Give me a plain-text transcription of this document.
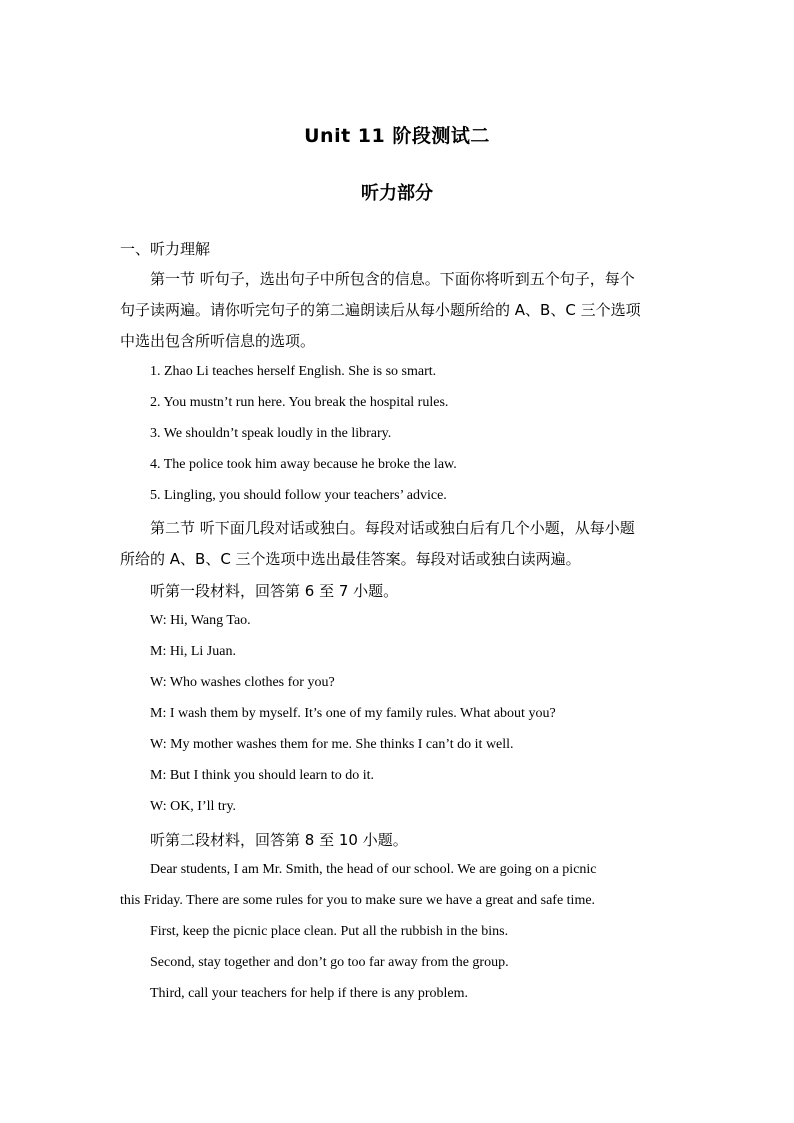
Unit 11 阶段测试二
听力部分
一、听力理解
第一节 听句子，选出句子中所包含的信息。下面你将听到五个句子，每个
句子读两遍。请你听完句子的第二遍朗读后从每小题所给的 A、B、C 三个选项
中选出包含所听信息的选项。
1. Zhao Li teaches herself English. She is so smart.
2. You mustn’t run here. You break the hospital rules.
3. We shouldn’t speak loudly in the library.
4. The police took him away because he broke the law.
5. Lingling, you should follow your teachers’ advice.
第二节 听下面几段对话或独白。每段对话或独白后有几个小题，从每小题
所给的 A、B、C 三个选项中选出最佳答案。每段对话或独白读两遍。
听第一段材料，回答第 6 至 7 小题。
W: Hi, Wang Tao.
M: Hi, Li Juan.
W: Who washes clothes for you?
M: I wash them by myself. It’s one of my family rules. What about you?
W: My mother washes them for me. She thinks I can’t do it well.
M: But I think you should learn to do it.
W: OK, I’ll try.
听第二段材料，回答第 8 至 10 小题。
Dear students, I am Mr. Smith, the head of our school. We are going on a picnic
this Friday. There are some rules for you to make sure we have a great and safe time.
First, keep the picnic place clean. Put all the rubbish in the bins.
Second, stay together and don’t go too far away from the group.
Third, call your teachers for help if there is any problem.
